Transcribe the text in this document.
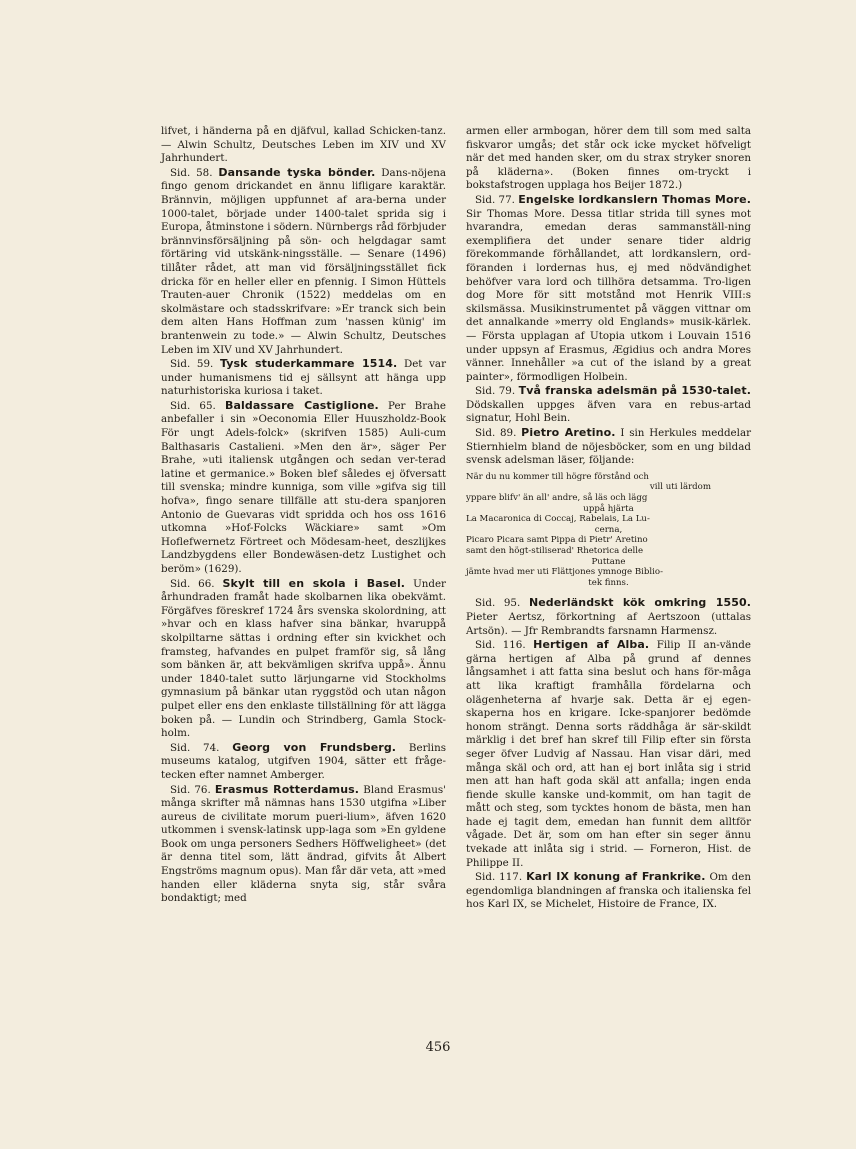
lifvet, i händerna på en djäfvul, kallad Schicken-tanz. — Alwin Schultz, Deutsches Leben im XIV und XV Jahrhundert.

Sid. 58. Dansande tyska bönder. Dans-nöjena fingo genom drickandet en ännu lifligare karaktär. Brännvin, möjligen uppfunnet af ara-berna under 1000-talet, började under 1400-talet sprida sig i Europa, åtminstone i södern. Nürnbergs råd förbjuder brännvinsförsäljning på sön- och helgdagar samt förtäring vid utskänk-ningsställe. — Senare (1496) tillåter rådet, att man vid försäljningsstället fick dricka för en heller eller en pfennig. I Simon Hüttels Trauten-auer Chronik (1522) meddelas om en skolmästare och stadsskrifvare: »Er tranck sich bein dem alten Hans Hoffman zum 'nassen künig' im brantenwein zu tode.» — Alwin Schultz, Deutsches Leben im XIV und XV Jahrhundert.

Sid. 59. Tysk studerkammare 1514. Det var under humanismens tid ej sällsynt att hänga upp naturhistoriska kuriosa i taket.

Sid. 65. Baldassare Castiglione. Per Brahe anbefaller i sin »Oeconomia Eller Huuszholdz-Book För ungt Adels-folck» (skrifven 1585) Auli-cum Balthasaris Castalieni. »Men den är», säger Per Brahe, »uti italiensk utgången och sedan ver-terad latine et germanice.» Boken blef således ej öfversatt till svenska; mindre kunniga, som ville »gifva sig till hofva», fingo senare tillfälle att stu-dera spanjoren Antonio de Guevaras vidt spridda och hos oss 1616 utkomna »Hof-Folcks Wäckiare» samt »Om Hoflefwernetz Förtreet och Mödesam-heet, deszlijkes Landzbygdens eller Bondewäsen-detz Lustighet och beröm» (1629).

Sid. 66. Skylt till en skola i Basel. Under århundraden framåt hade skolbarnen lika obekvämt. Förgäfves föreskref 1724 års svenska skolordning, att »hvar och en klass hafver sina bänkar, hvaruppå skolpiltarne sättas i ordning efter sin kvickhet och framsteg, hafvandes en pulpet framför sig, så lång som bänken är, att bekvämligen skrifva uppå». Ännu under 1840-talet sutto lärjungarne vid Stockholms gymnasium på bänkar utan ryggstöd och utan någon pulpet eller ens den enklaste tillställning för att lägga boken på. — Lundin och Strindberg, Gamla Stock-holm.

Sid. 74. Georg von Frundsberg. Berlins museums katalog, utgifven 1904, sätter ett fråge-tecken efter namnet Amberger.

Sid. 76. Erasmus Rotterdamus. Bland Erasmus' många skrifter må nämnas hans 1530 utgifna »Liber aureus de civilitate morum pueri-lium», äfven 1620 utkommen i svensk-latinsk upp-laga som »En gyldene Book om unga personers Sedhers Höffweligheet» (det är denna titel som, lätt ändrad, gifvits åt Albert Engströms magnum opus). Man får där veta, att »med handen eller kläderna snyta sig, står svåra bondaktigt; med

armen eller armbogan, hörer dem till som med salta fiskvaror umgås; det står ock icke mycket höfveligt när det med handen sker, om du strax stryker snoren på kläderna». (Boken finnes om-tryckt i bokstafstrogen upplaga hos Beijer 1872.)

Sid. 77. Engelske lordkanslern Thomas More. Sir Thomas More. Dessa titlar strida till synes mot hvarandra, emedan deras sammanställ-ning exemplifiera det under senare tider aldrig förekommande förhållandet, att lordkanslern, ord-föranden i lordernas hus, ej med nödvändighet behöfver vara lord och tillhöra detsamma. Tro-ligen dog More för sitt motstånd mot Henrik VIII:s skilsmässa. Musikinstrumentet på väggen vittnar om det annalkande »merry old Englands» musik-kärlek. — Första upplagan af Utopia utkom i Louvain 1516 under uppsyn af Erasmus, Ægidius och andra Mores vänner. Innehåller »a cut of the island by a great painter», förmodligen Holbein.

Sid. 79. Två franska adelsmän på 1530-talet. Dödskallen uppges äfven vara en rebus-artad signatur, Hohl Bein.

Sid. 89. Pietro Aretino. I sin Herkules meddelar Stiernhielm bland de nöjesböcker, som en ung bildad svensk adelsman läser, följande:

När du nu kommer till högre förstånd och
vill uti lärdom
yppare blifv' än all' andre, så läs och lägg
uppå hjärta
La Macaronica di Coccaj, Rabelais, La Lu-
cerna,
Picaro Picara samt Pippa di Pietr' Aretino
samt den högt-stiliserad' Rhetorica delle
Puttane
jämte hvad mer uti Flättjones ymnoge Biblio-
tek finns.

Sid. 95. Nederländskt kök omkring 1550. Pieter Aertsz, förkortning af Aertszoon (uttalas Artsön). — Jfr Rembrandts farsnamn Harmensz.

Sid. 116. Hertigen af Alba. Filip II an-vände gärna hertigen af Alba på grund af dennes långsamhet i att fatta sina beslut och hans för-måga att lika kraftigt framhålla fördelarna och olägenheterna af hvarje sak. Detta är ej egen-skaperna hos en krigare. Icke-spanjorer bedömde honom strängt. Denna sorts räddhåga är sär-skildt märklig i det bref han skref till Filip efter sin första seger öfver Ludvig af Nassau. Han visar däri, med många skäl och ord, att han ej bort inlåta sig i strid men att han haft goda skäl att anfalla; ingen enda fiende skulle kanske und-kommit, om han tagit de mått och steg, som tycktes honom de bästa, men han hade ej tagit dem, emedan han funnit dem alltför vågade. Det är, som om han efter sin seger ännu tvekade att inlåta sig i strid. — Forneron, Hist. de Philippe II.

Sid. 117. Karl IX konung af Frankrike. Om den egendomliga blandningen af franska och italienska fel hos Karl IX, se Michelet, Histoire de France, IX.

456
